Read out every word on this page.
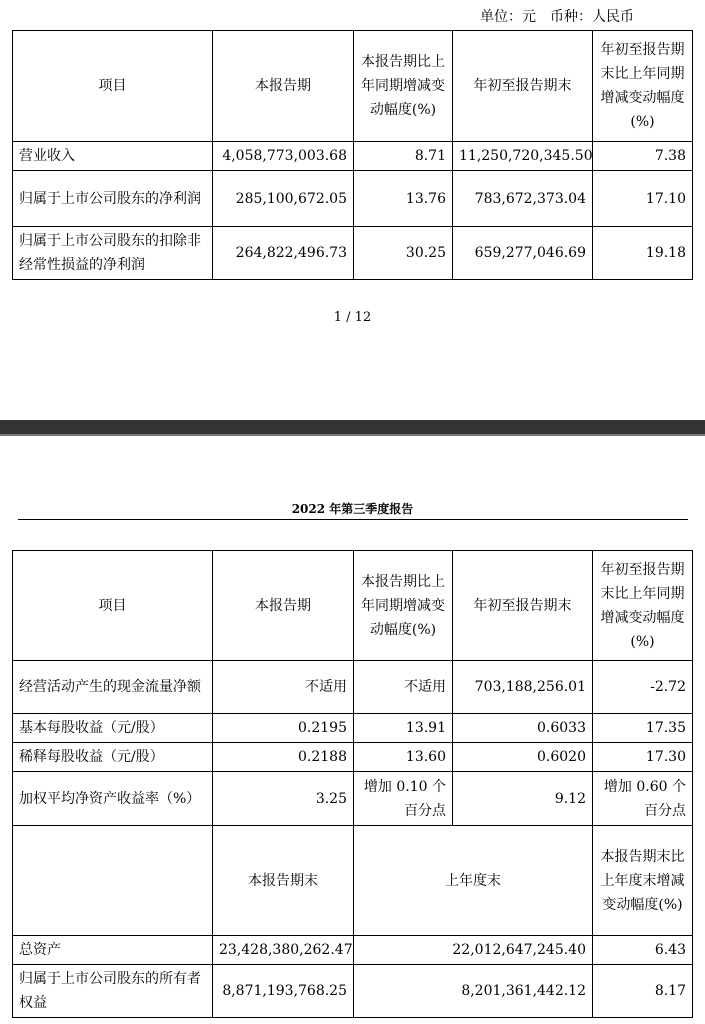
单位：元　币种：人民币
项目	本报告期	本报告期比上年同期增减变动幅度(%)	年初至报告期末	年初至报告期末比上年同期增减变动幅度(%)
营业收入	4,058,773,003.68	8.71	11,250,720,345.50	7.38
归属于上市公司股东的净利润	285,100,672.05	13.76	783,672,373.04	17.10
归属于上市公司股东的扣除非经常性损益的净利润	264,822,496.73	30.25	659,277,046.69	19.18
1 / 12
2022 年第三季度报告
项目	本报告期	本报告期比上年同期增减变动幅度(%)	年初至报告期末	年初至报告期末比上年同期增减变动幅度(%)
经营活动产生的现金流量净额	不适用	不适用	703,188,256.01	-2.72
基本每股收益（元/股）	0.2195	13.91	0.6033	17.35
稀释每股收益（元/股）	0.2188	13.60	0.6020	17.30
加权平均净资产收益率（%）	3.25	增加 0.10 个百分点	9.12	增加 0.60 个百分点
	本报告期末	上年度末		本报告期末比上年度末增减变动幅度(%)
总资产	23,428,380,262.47	22,012,647,245.40		6.43
归属于上市公司股东的所有者权益	8,871,193,768.25	8,201,361,442.12		8.17
